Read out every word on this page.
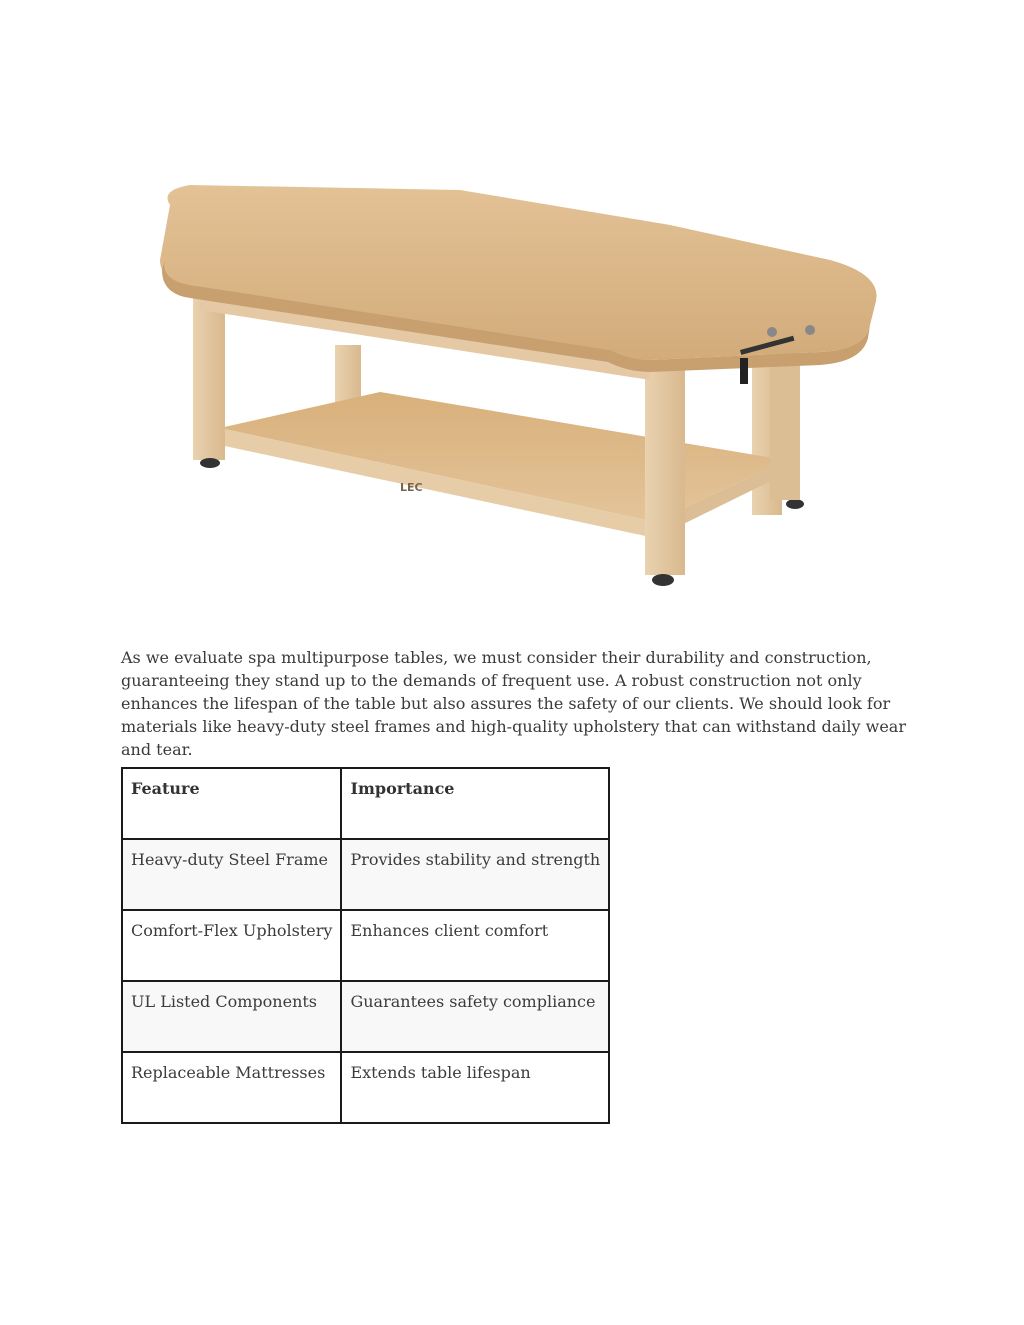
LEC

As we evaluate spa multipurpose tables, we must consider their durability and construction, guaranteeing they stand up to the demands of frequent use. A robust construction not only enhances the lifespan of the table but also assures the safety of our clients. We should look for materials like heavy-duty steel frames and high-quality upholstery that can withstand daily wear and tear.

Feature	Importance
Heavy-duty Steel Frame	Provides stability and strength
Comfort-Flex Upholstery	Enhances client comfort
UL Listed Components	Guarantees safety compliance
Replaceable Mattresses	Extends table lifespan
